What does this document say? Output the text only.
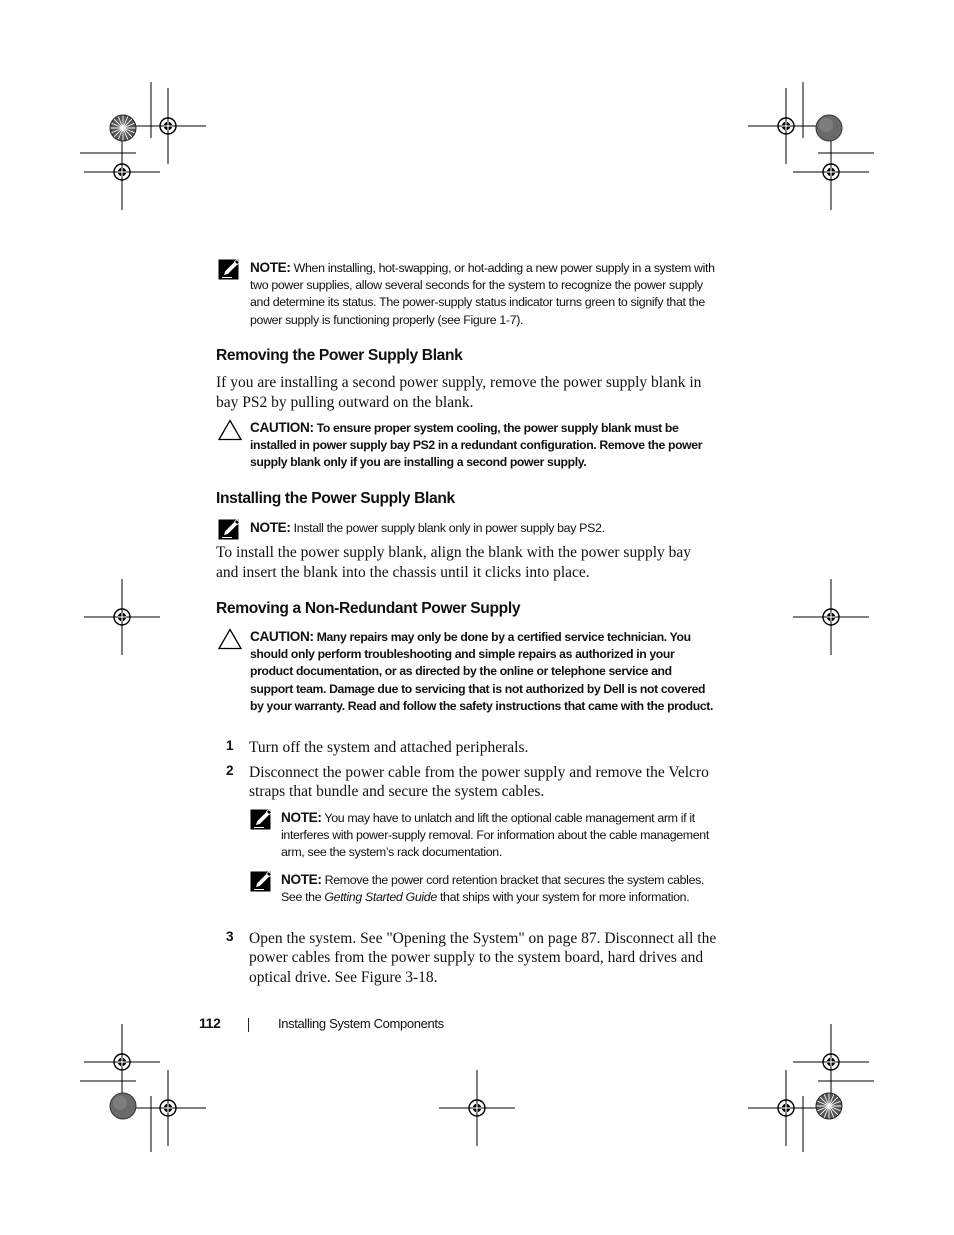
NOTE: When installing, hot-swapping, or hot-adding a new power supply in a system with two power supplies, allow several seconds for the system to recognize the power supply and determine its status. The power-supply status indicator turns green to signify that the power supply is functioning properly (see Figure 1-7).
Removing the Power Supply Blank
If you are installing a second power supply, remove the power supply blank in bay PS2 by pulling outward on the blank.
CAUTION: To ensure proper system cooling, the power supply blank must be installed in power supply bay PS2 in a redundant configuration. Remove the power supply blank only if you are installing a second power supply.
Installing the Power Supply Blank
NOTE: Install the power supply blank only in power supply bay PS2.
To install the power supply blank, align the blank with the power supply bay and insert the blank into the chassis until it clicks into place.
Removing a Non-Redundant Power Supply
CAUTION: Many repairs may only be done by a certified service technician. You should only perform troubleshooting and simple repairs as authorized in your product documentation, or as directed by the online or telephone service and support team. Damage due to servicing that is not authorized by Dell is not covered by your warranty. Read and follow the safety instructions that came with the product.
1 Turn off the system and attached peripherals.
2 Disconnect the power cable from the power supply and remove the Velcro straps that bundle and secure the system cables.
NOTE: You may have to unlatch and lift the optional cable management arm if it interferes with power-supply removal. For information about the cable management arm, see the system’s rack documentation.
NOTE: Remove the power cord retention bracket that secures the system cables. See the Getting Started Guide that ships with your system for more information.
3 Open the system. See "Opening the System" on page 87. Disconnect all the power cables from the power supply to the system board, hard drives and optical drive. See Figure 3-18.
112	Installing System Components
